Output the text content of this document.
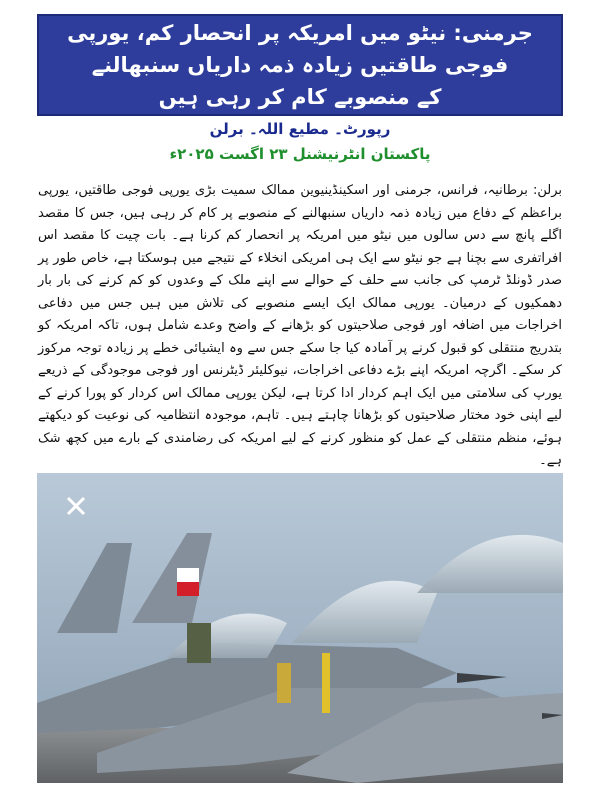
جرمنی: نیٹو میں امریکہ پر انحصار کم، یورپی فوجی طاقتیں زیادہ ذمہ داریاں سنبھالنے
کے منصوبے کام کر رہی ہیں
رپورٹ۔ مطیع اللہ۔ برلن
پاکستان انٹرنیشنل ۲۳ اگست ۲۰۲۵ء
برلن: برطانیہ، فرانس، جرمنی اور اسکینڈینیوین ممالک سمیت بڑی یورپی فوجی طاقتیں، یورپی براعظم کے دفاع میں زیادہ ذمہ داریاں سنبھالنے کے منصوبے پر کام کر رہی ہیں، جس کا مقصد اگلے پانچ سے دس سالوں میں نیٹو میں امریکہ پر انحصار کم کرنا ہے۔ بات چیت کا مقصد اس افراتفری سے بچنا ہے جو نیٹو سے ایک ہی امریکی انخلاء کے نتیجے میں ہوسکتا ہے، خاص طور پر صدر ڈونلڈ ٹرمپ کی جانب سے حلف کے حوالے سے اپنے ملک کے وعدوں کو کم کرنے کی بار بار دھمکیوں کے درمیان۔ یورپی ممالک ایک ایسے منصوبے کی تلاش میں ہیں جس میں دفاعی اخراجات میں اضافہ اور فوجی صلاحیتوں کو بڑھانے کے واضح وعدے شامل ہوں، تاکہ امریکہ کو بتدریج منتقلی کو قبول کرنے پر آمادہ کیا جا سکے جس سے وہ ایشیائی خطے پر زیادہ توجہ مرکوز کر سکے۔ اگرچہ امریکہ اپنے بڑے دفاعی اخراجات، نیوکلیئر ڈیٹرنس اور فوجی موجودگی کے ذریعے یورپ کی سلامتی میں ایک اہم کردار ادا کرتا ہے، لیکن یورپی ممالک اس کردار کو پورا کرنے کے لیے اپنی خود مختار صلاحیتوں کو بڑھانا چاہتے ہیں۔ تاہم، موجودہ انتظامیہ کی نوعیت کو دیکھتے ہوئے، منظم منتقلی کے عمل کو منظور کرنے کے لیے امریکہ کی رضامندی کے بارے میں کچھ شک ہے۔
